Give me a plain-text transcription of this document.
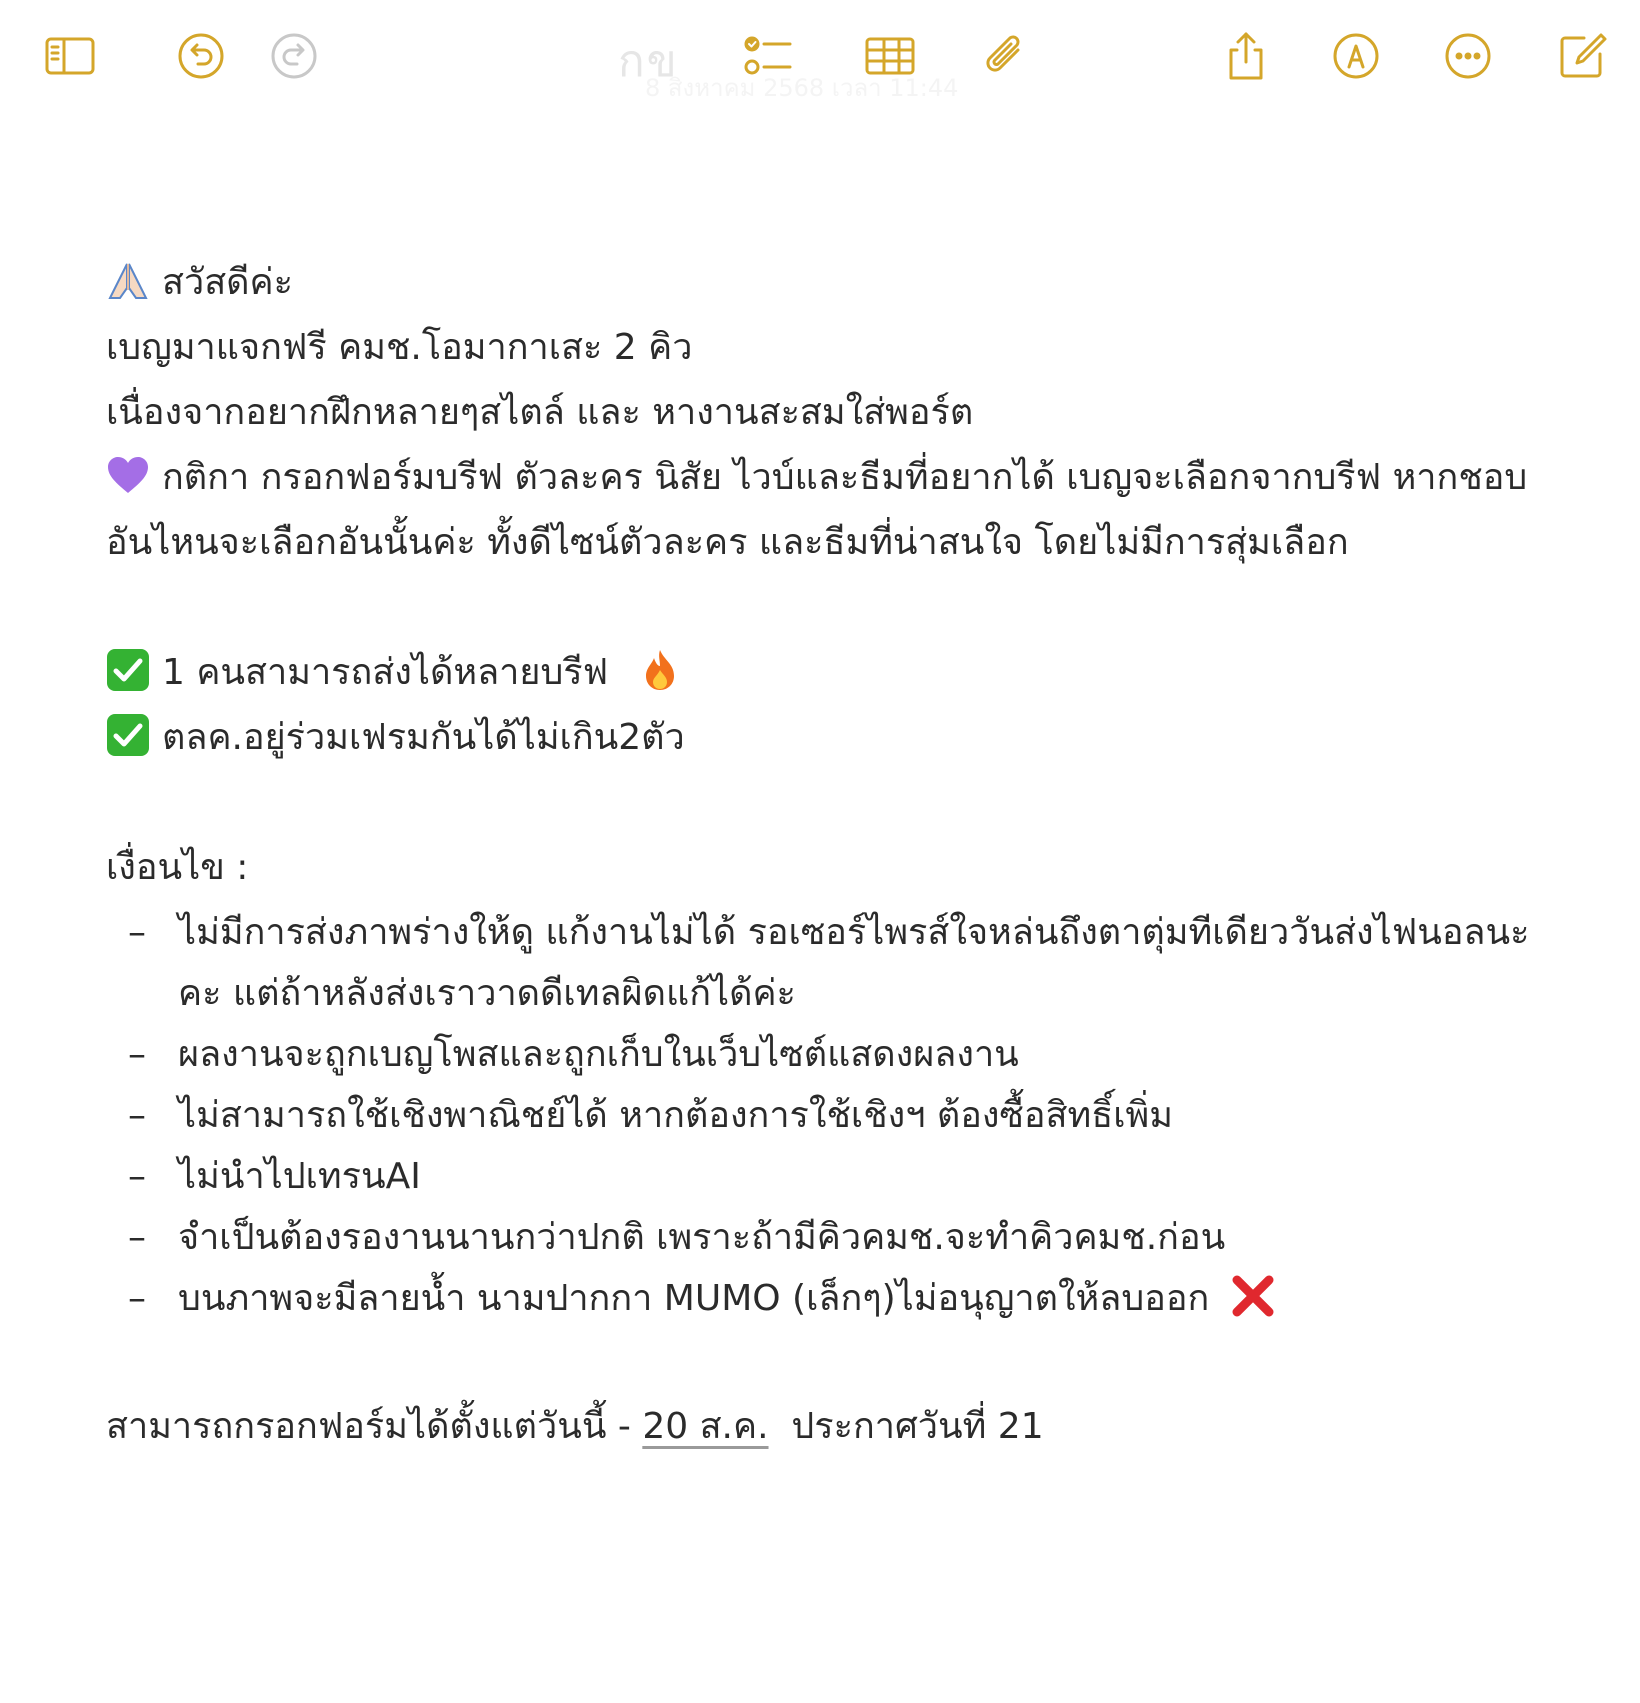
8 สิงหาคม 2568 เวลา 11:44
กข
สวัสดีค่ะ
เบญมาแจกฟรี คมช.โอมากาเสะ 2 คิว
เนื่องจากอยากฝึกหลายๆสไตล์ และ หางานสะสมใส่พอร์ต
กติกา กรอกฟอร์มบรีฟ ตัวละคร นิสัย ไวบ์และธีมที่อยากได้ เบญจะเลือกจากบรีฟ หากชอบ
อันไหนจะเลือกอันนั้นค่ะ ทั้งดีไซน์ตัวละคร และธีมที่น่าสนใจ โดยไม่มีการสุ่มเลือก
1 คนสามารถส่งได้หลายบรีฟ
ตลค.อยู่ร่วมเฟรมกันได้ไม่เกิน2ตัว
เงื่อนไข :
– ไม่มีการส่งภาพร่างให้ดู แก้งานไม่ได้ รอเซอร์ไพรส์ใจหล่นถึงตาตุ่มทีเดียววันส่งไฟนอลนะ
คะ แต่ถ้าหลังส่งเราวาดดีเทลผิดแก้ได้ค่ะ
– ผลงานจะถูกเบญโพสและถูกเก็บในเว็บไซต์แสดงผลงาน
– ไม่สามารถใช้เชิงพาณิชย์ได้ หากต้องการใช้เชิงฯ ต้องซื้อสิทธิ์เพิ่ม
– ไม่นำไปเทรนAI
– จำเป็นต้องรองานนานกว่าปกติ เพราะถ้ามีคิวคมช.จะทำคิวคมช.ก่อน
– บนภาพจะมีลายน้ำ นามปากกา MUMO (เล็กๆ)ไม่อนุญาตให้ลบออก
สามารถกรอกฟอร์มได้ตั้งแต่วันนี้ - 20 ส.ค.  ประกาศวันที่ 21
